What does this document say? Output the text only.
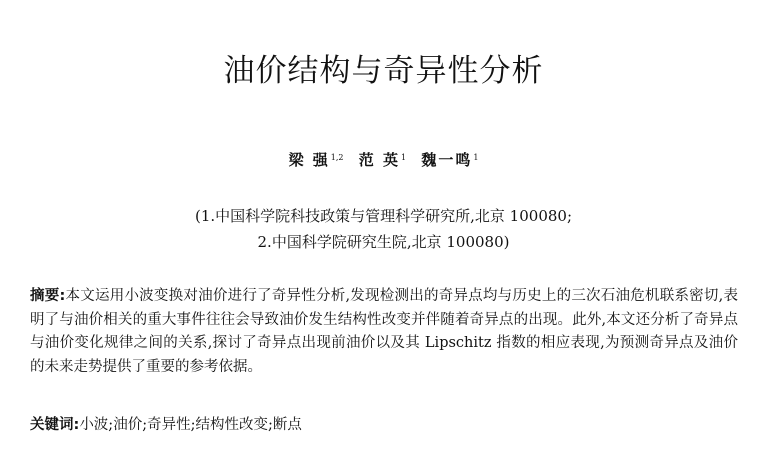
油价结构与奇异性分析
梁 强$^{1,2}$ 范 英$^1$ 魏一鸣$^1$
(1.中国科学院科技政策与管理科学研究所,北京 100080;
2.中国科学院研究生院,北京 100080)
摘要:本文运用小波变换对油价进行了奇异性分析,发现检测出的奇异点均与历史上的三次石油危机联系密切,表明了与油价相关的重大事件往往会导致油价发生结构性改变并伴随着奇异点的出现。此外,本文还分析了奇异点与油价变化规律之间的关系,探讨了奇异点出现前油价以及其 Lipschitz 指数的相应表现,为预测奇异点及油价的未来走势提供了重要的参考依据。
关键词:小波;油价;奇异性;结构性改变;断点
